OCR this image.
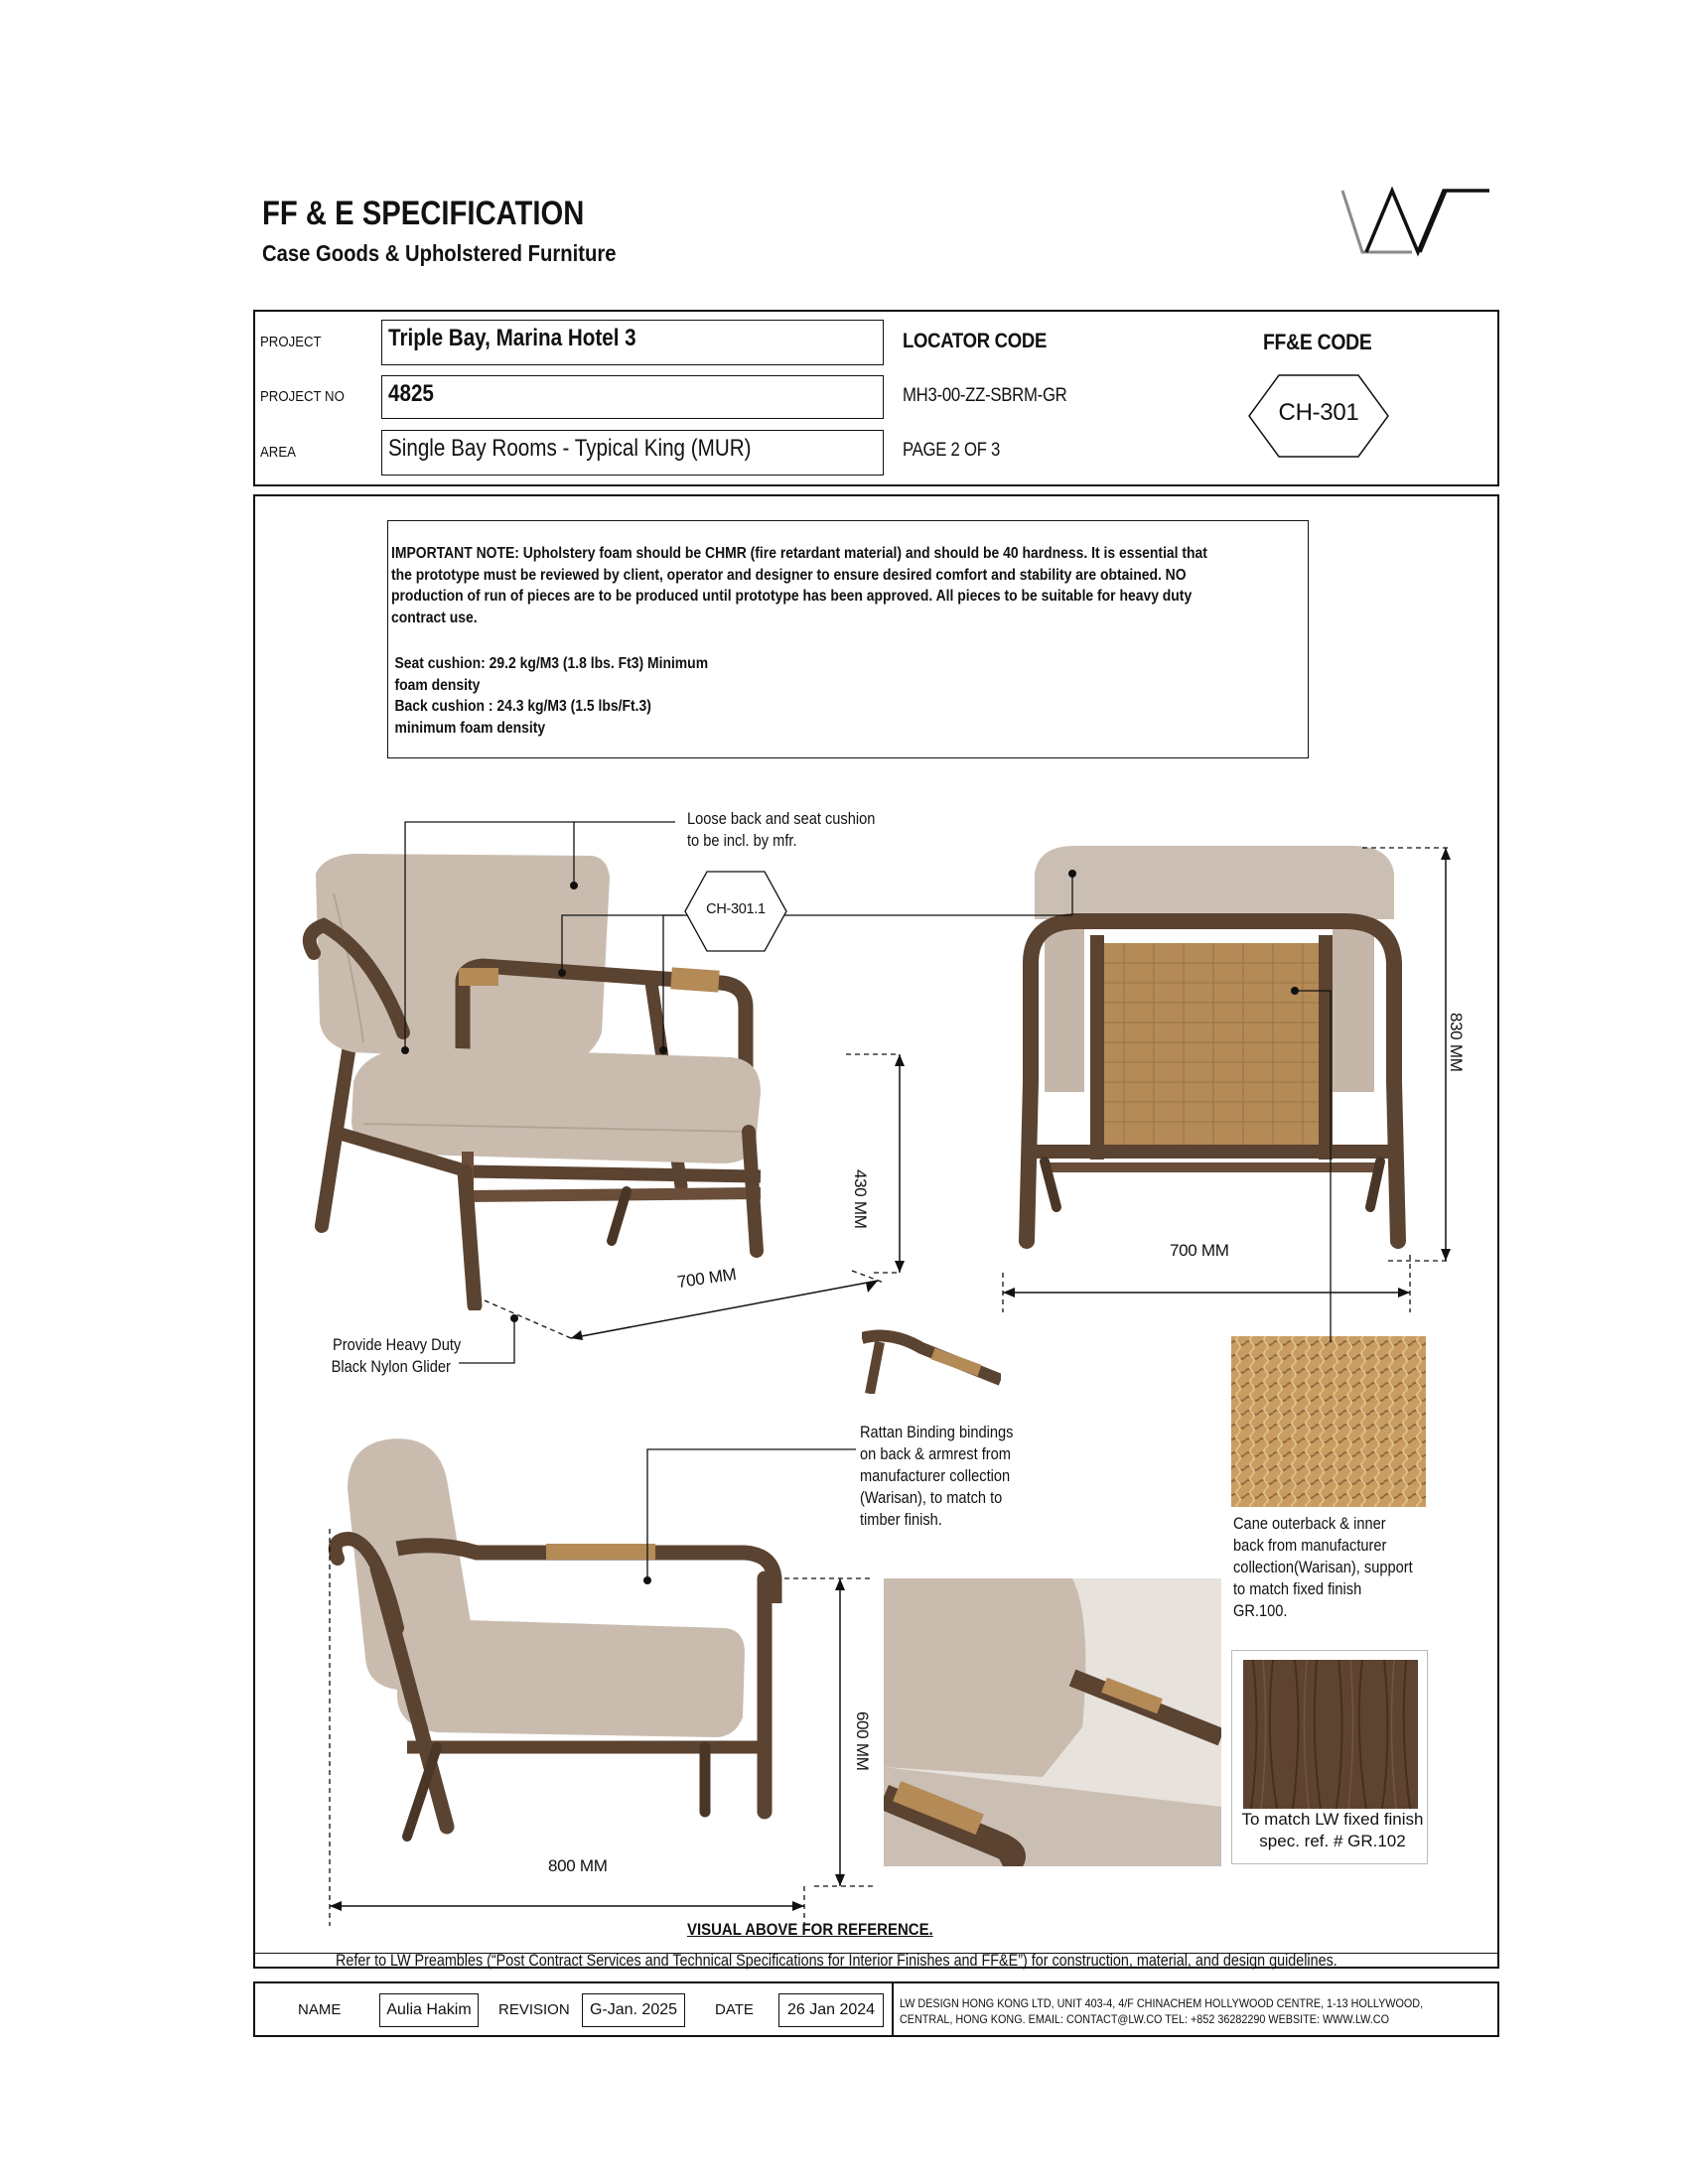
FF & E SPECIFICATION
Case Goods & Upholstered Furniture
PROJECT	Triple Bay, Marina Hotel 3
PROJECT NO 4825
AREA	Single Bay Rooms - Typical King (MUR)
LOCATOR CODE
MH3-00-ZZ-SBRM-GR
PAGE 2 OF 3
FF&E CODE
CH-301
IMPORTANT NOTE: Upholstery foam should be CHMR (fire retardant material) and should be 40 hardness. It is essential that
the prototype must be reviewed by client, operator and designer to ensure desired comfort and stability are obtained. NO
production of run of pieces are to be produced until prototype has been approved. All pieces to be suitable for heavy duty
contract use.
Seat cushion: 29.2 kg/M3 (1.8 lbs. Ft3) Minimum
foam density
Back cushion : 24.3 kg/M3 (1.5 lbs/Ft.3)
minimum foam density
CH-301.1
Loose back and seat cushion
to be incl. by mfr.
Provide Heavy Duty
Black Nylon Glider
Rattan Binding bindings
on back & armrest from
manufacturer collection
(Warisan), to match to
timber finish.	Cane outerback & inner
back from manufacturer
collection(Warisan), support
to match fixed finish
GR.100.
To match LW fixed finish
spec. ref. # GR.102
700 MM
430 MM
700 MM
830 MM
800 MM
600 MM
VISUAL ABOVE FOR REFERENCE.
Refer to LW Preambles (“Post Contract Services and Technical Specifications for Interior Finishes and FF&E”) for construction, material, and design guidelines.
NAME	Aulia Hakim	REVISION	G-Jan. 2025	DATE	26 Jan 2024	LW DESIGN HONG KONG LTD, UNIT 403-4, 4/F CHINACHEM HOLLYWOOD CENTRE, 1-13 HOLLYWOOD,
CENTRAL, HONG KONG. EMAIL: CONTACT@LW.CO TEL: +852 36282290 WEBSITE: WWW.LW.CO
